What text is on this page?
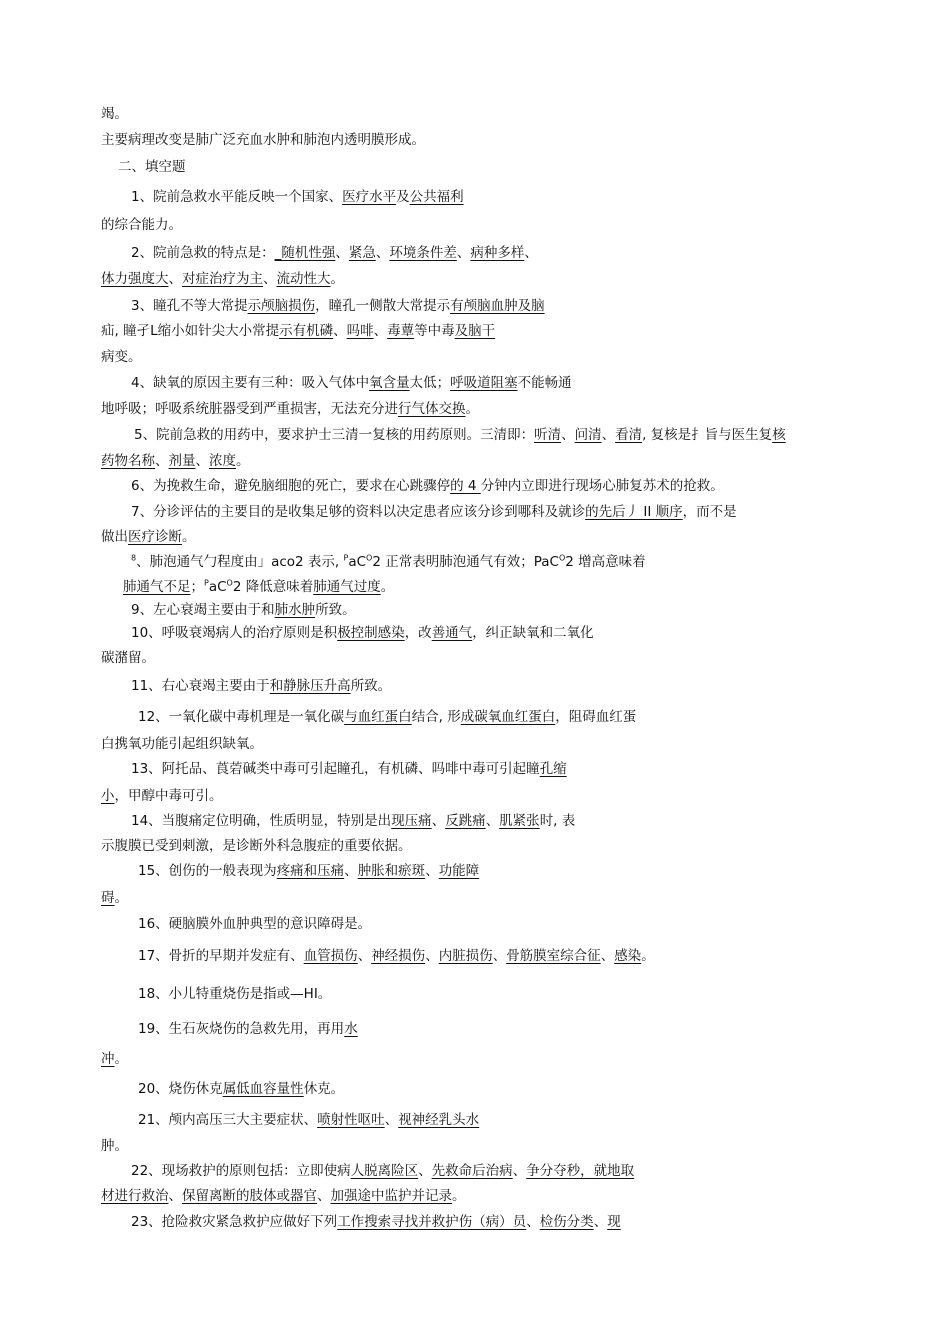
竭。
主要病理改变是肺广泛充血水肿和肺泡内透明膜形成。
二、填空题
1、院前急救水平能反映一个国家、医疗水平及公共福利
的综合能力。
2、院前急救的特点是：_随机性强、紧急、环境条件差、病种多样、
体力强度大、对症治疗为主、流动性大。
3、瞳孔不等大常提示颅脑损伤，瞳孔一侧散大常提示有颅脑血肿及脑
疝, 瞳孑L缩小如针尖大小常提示有机磷、吗啡、毒蕈等中毒及脑干
病变。
4、缺氧的原因主要有三种：吸入气体中氧含量太低；呼吸道阻塞不能畅通
地呼吸；呼吸系统脏器受到严重损害，无法充分进行气体交换。
5、院前急救的用药中，要求护士三清一复核的用药原则。三清即：听清、问清、看清, 复核是扌旨与医生复核
药物名称、剂量、浓度。
6、为挽救生命，避免脑细胞的死亡，要求在心跳骤停的 4 分钟内立即进行现场心肺复苏术的抢救。
7、分诊评估的主要目的是收集足够的资料以决定患者应该分诊到哪科及就诊的先后丿 II 顺序，而不是
做出医疗诊断。
$^8$、肺泡通气勹程度由」aco2 表示, $^PaC^O2$ 正常表明肺泡通气有效；PaC$^O$2 增高意味着
肺通气不足；$^PaC^O2$ 降低意味着肺通气过度。
9、左心衰竭主要由于和肺水肿所致。
10、呼吸衰竭病人的治疗原则是积极控制感染，改善通气，纠正缺氧和二氧化
碳潴留。
11、右心衰竭主要由于和静脉压升高所致。
12、一氧化碳中毒机理是一氧化碳与血红蛋白结合, 形成碳氧血红蛋白，阻碍血红蛋
白携氧功能引起组织缺氧。
13、阿托品、莨菪碱类中毒可引起瞳孔，有机磷、吗啡中毒可引起瞳孔缩
小，甲醇中毒可引。
14、当腹痛定位明确，性质明显，特别是出现压痛、反跳痛、肌紧张时, 表
示腹膜已受到刺激，是诊断外科急腹症的重要依据。
15、创伤的一般表现为疼痛和压痛、肿胀和瘀斑、功能障
碍。
16、硬脑膜外血肿典型的意识障碍是。
17、骨折的早期并发症有、血管损伤、神经损伤、内脏损伤、骨筋膜室综合征、感染。
18、小儿特重烧伤是指或—HI。
19、生石灰烧伤的急救先用，再用水
冲。
20、烧伤休克属低血容量性休克。
21、颅内高压三大主要症状、喷射性呕吐、视神经乳头水
肿。
22、现场救护的原则包括：立即使病人脱离险区、先救命后治病、争分夺秒，就地取
材进行救治、保留离断的肢体或器官、加强途中监护并记录。
23、抢险救灾紧急救护应做好下列工作搜索寻找并救护伤（病）员、检伤分类、现
